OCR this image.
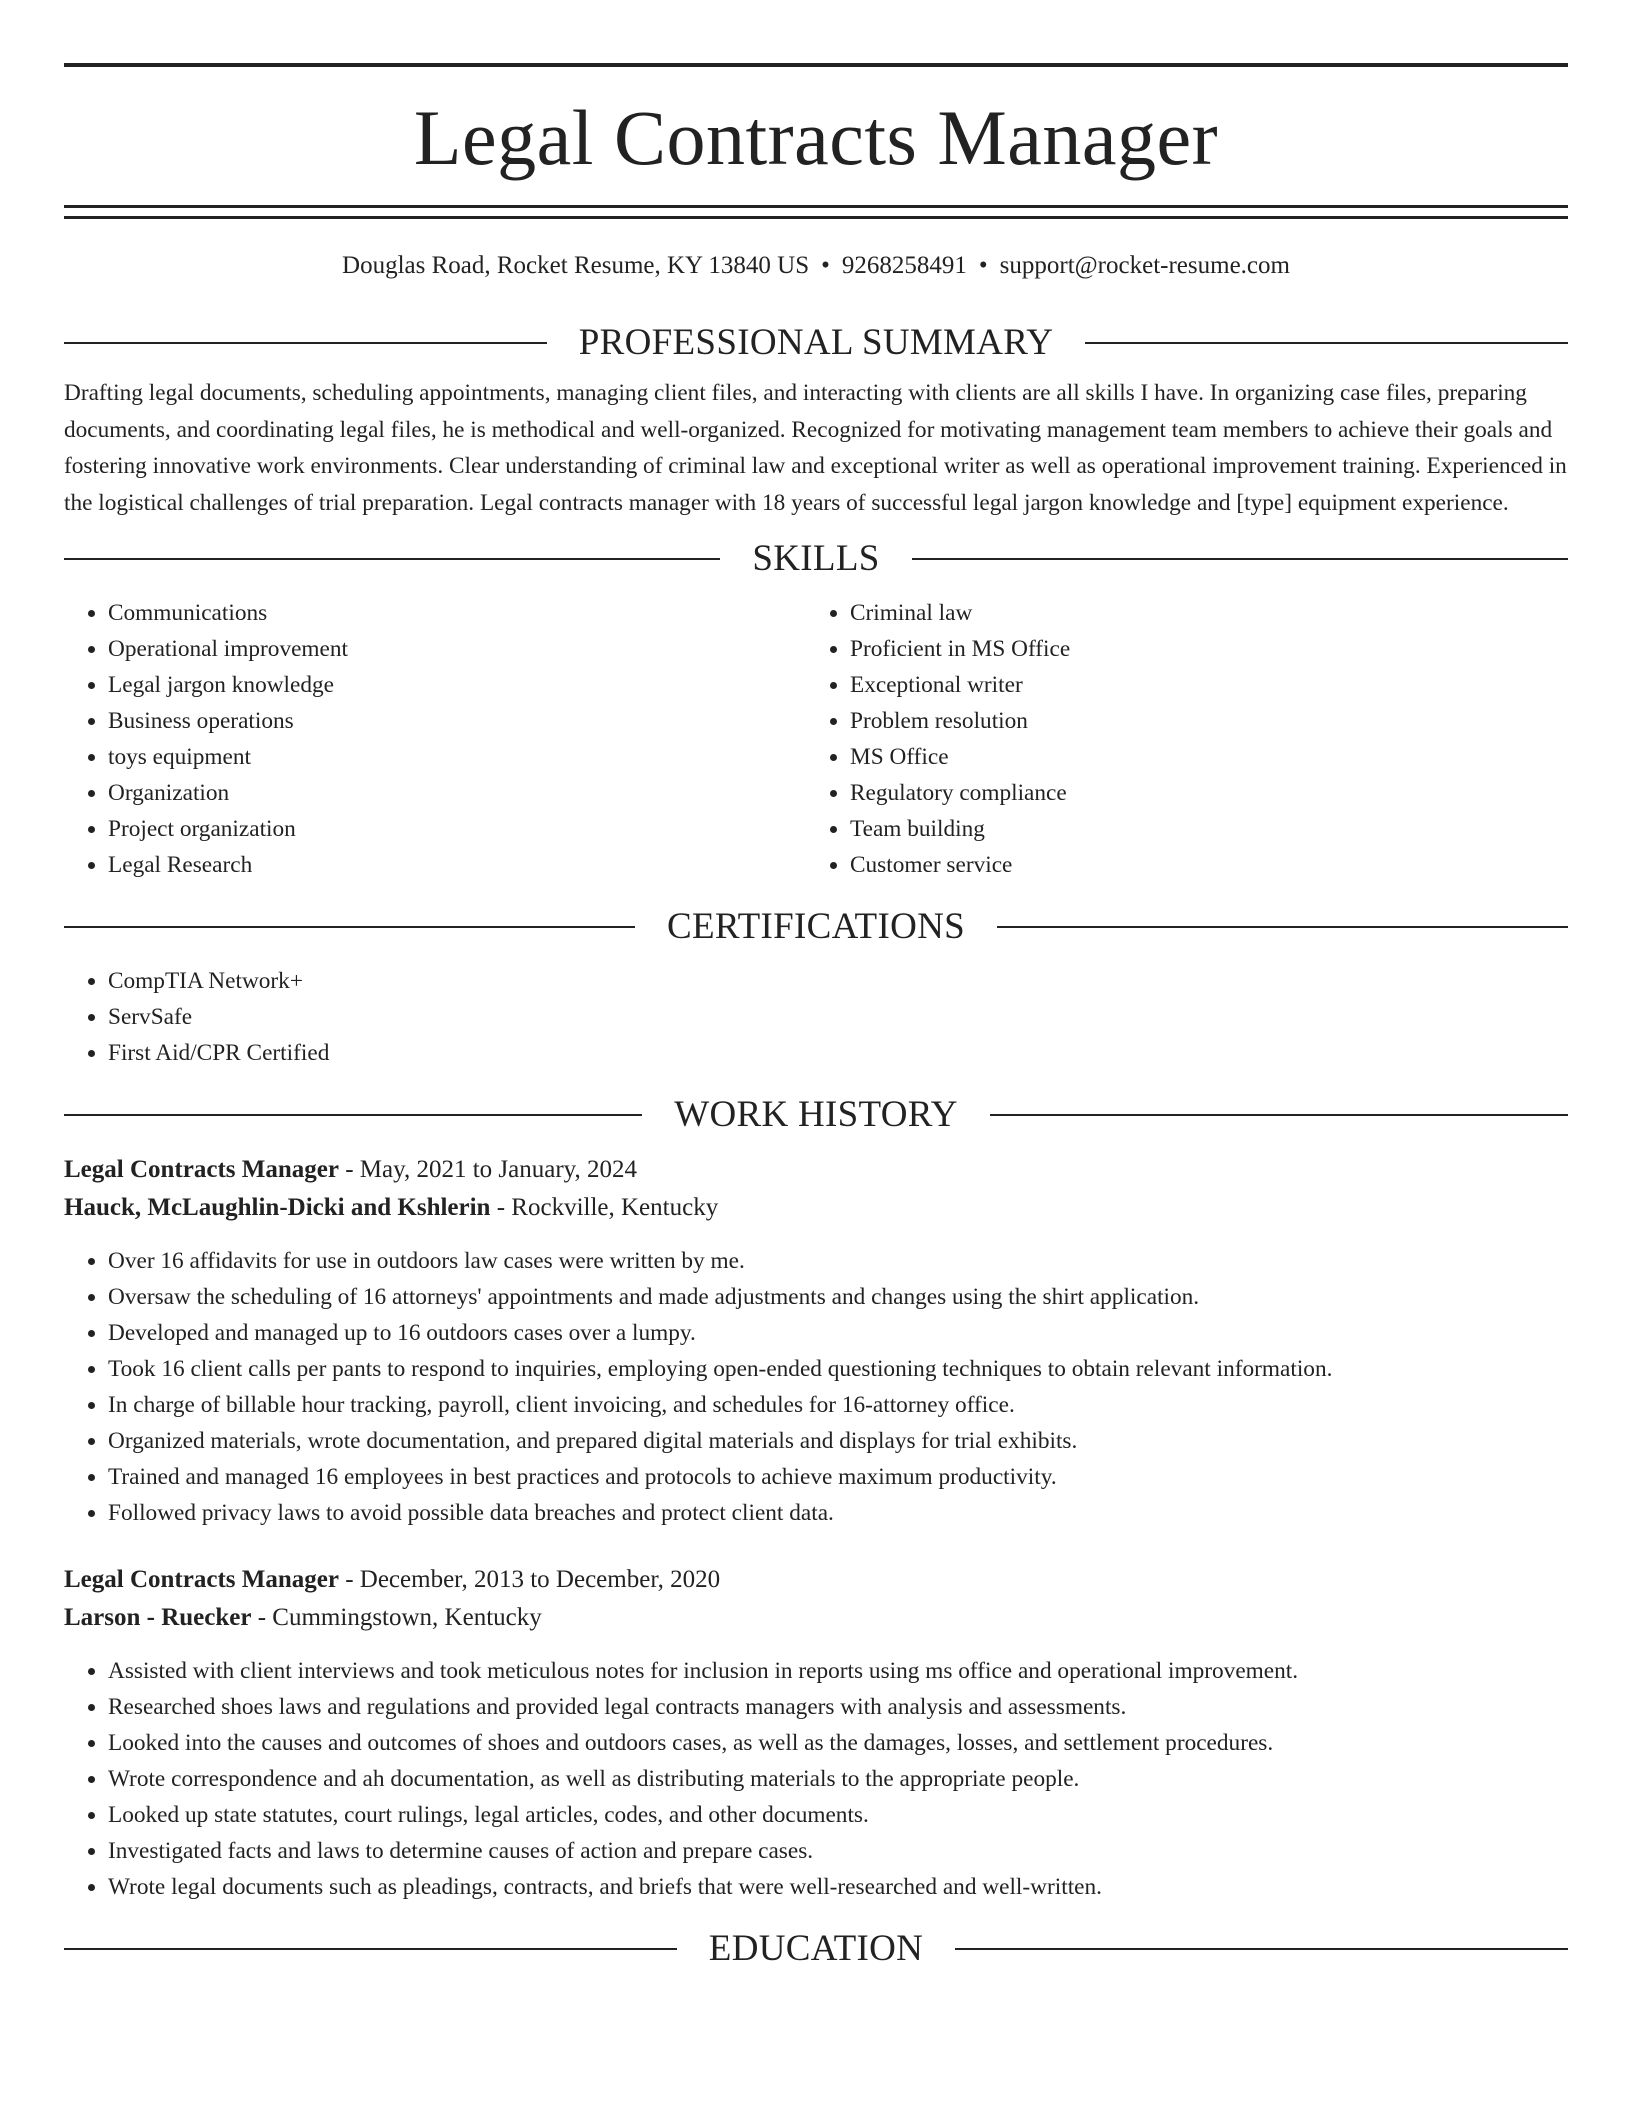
Legal Contracts Manager
Douglas Road, Rocket Resume, KY 13840 US • 9268258491 • support@rocket-resume.com
PROFESSIONAL SUMMARY

Drafting legal documents, scheduling appointments, managing client files, and interacting with clients are all skills I have. In organizing case files, preparing documents, and coordinating legal files, he is methodical and well-organized. Recognized for motivating management team members to achieve their goals and fostering innovative work environments. Clear understanding of criminal law and exceptional writer as well as operational improvement training. Experienced in the logistical challenges of trial preparation. Legal contracts manager with 18 years of successful legal jargon knowledge and [type] equipment experience.

SKILLS
• Communications
• Operational improvement
• Legal jargon knowledge
• Business operations
• toys equipment
• Organization
• Project organization
• Legal Research
• Criminal law
• Proficient in MS Office
• Exceptional writer
• Problem resolution
• MS Office
• Regulatory compliance
• Team building
• Customer service
CERTIFICATIONS
• CompTIA Network+
• ServSafe
• First Aid/CPR Certified
WORK HISTORY
Legal Contracts Manager - May, 2021 to January, 2024
Hauck, McLaughlin-Dicki and Kshlerin - Rockville, Kentucky
• Over 16 affidavits for use in outdoors law cases were written by me.
• Oversaw the scheduling of 16 attorneys' appointments and made adjustments and changes using the shirt application.
• Developed and managed up to 16 outdoors cases over a lumpy.
• Took 16 client calls per pants to respond to inquiries, employing open-ended questioning techniques to obtain relevant information.
• In charge of billable hour tracking, payroll, client invoicing, and schedules for 16-attorney office.
• Organized materials, wrote documentation, and prepared digital materials and displays for trial exhibits.
• Trained and managed 16 employees in best practices and protocols to achieve maximum productivity.
• Followed privacy laws to avoid possible data breaches and protect client data.
Legal Contracts Manager - December, 2013 to December, 2020
Larson - Ruecker - Cummingstown, Kentucky
• Assisted with client interviews and took meticulous notes for inclusion in reports using ms office and operational improvement.
• Researched shoes laws and regulations and provided legal contracts managers with analysis and assessments.
• Looked into the causes and outcomes of shoes and outdoors cases, as well as the damages, losses, and settlement procedures.
• Wrote correspondence and ah documentation, as well as distributing materials to the appropriate people.
• Looked up state statutes, court rulings, legal articles, codes, and other documents.
• Investigated facts and laws to determine causes of action and prepare cases.
• Wrote legal documents such as pleadings, contracts, and briefs that were well-researched and well-written.
EDUCATION
